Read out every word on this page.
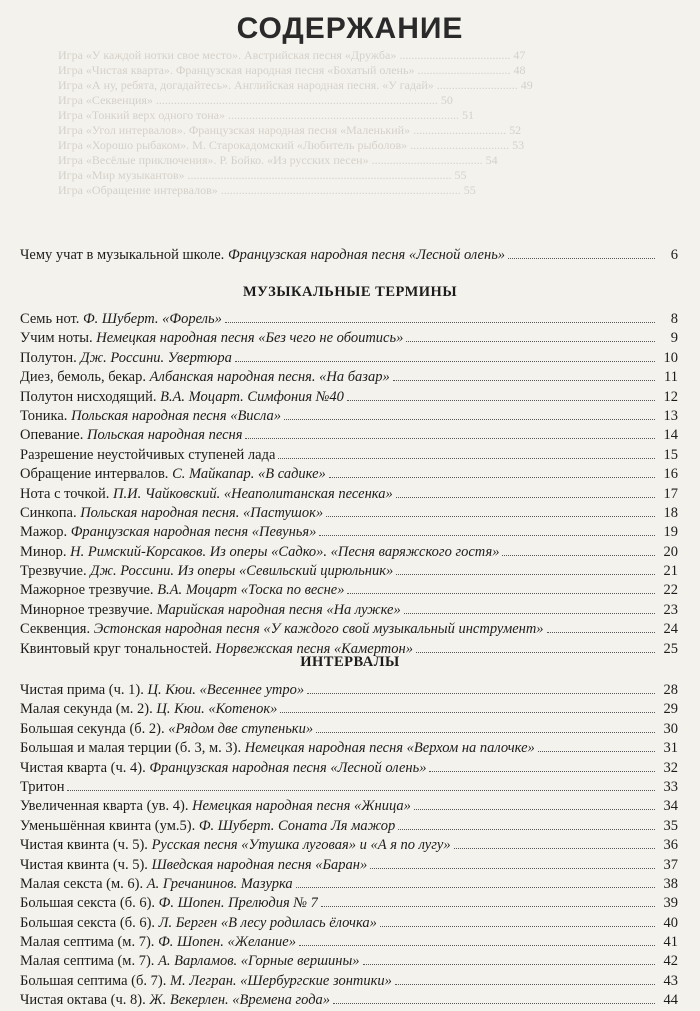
СОДЕРЖАНИЕ
Игра «У каждой нотки свое место». Австрийская песня «Дружба» ..................................... 47
Игра «Чистая кварта». Французская народная песня «Бохатый олень» ............................... 48
Игра «А ну, ребята, догадайтесь». Английская народная песня. «У гадай» ........................... 49
Игра «Секвенция» .............................................................................................. 50
Игра «Тонкий верх одного тона» ............................................................................. 51
Игра «Угол интервалов». Французская народная песня «Маленький» ............................... 52
Игра «Хорошо рыбаком». М. Старокадомский «Любитель рыболов» ................................. 53
Игра «Весёлые приключения». Р. Бойко. «Из русских песен» ..................................... 54
Игра «Мир музыкантов» ........................................................................................ 55
Игра «Обращение интервалов» ................................................................................ 55
Чему учат в музыкальной школе. Французская народная песня «Лесной олень»	6
МУЗЫКАЛЬНЫЕ ТЕРМИНЫ
Семь нот. Ф. Шуберт. «Форель»	8
Учим ноты. Немецкая народная песня «Без чего не обоитись»	9
Полутон. Дж. Россини. Увертюра	10
Диез, бемоль, бекар. Албанская народная песня. «На базар»	11
Полутон нисходящий. В.А. Моцарт. Симфония №40	12
Тоника. Польская народная песня «Висла»	13
Опевание. Польская народная песня	14
Разрешение неустойчивых ступеней лада	15
Обращение интервалов. С. Майкапар. «В садике»	16
Нота с точкой. П.И. Чайковский. «Неаполитанская песенка»	17
Синкопа. Польская народная песня. «Пастушок»	18
Мажор. Французская народная песня «Певунья»	19
Минор. Н. Римский-Корсаков. Из оперы «Садко». «Песня варяжского гостя»	20
Трезвучие. Дж. Россини. Из оперы «Севильский цирюльник»	21
Мажорное трезвучие. В.А. Моцарт «Тоска по весне»	22
Минорное трезвучие. Марийская народная песня «На лужке»	23
Секвенция. Эстонская народная песня «У каждого свой музыкальный инструмент»	24
Квинтовый круг тональностей. Норвежская песня «Камертон»	25
ИНТЕРВАЛЫ
Чистая прима (ч. 1). Ц. Кюи. «Весеннее утро»	28
Малая секунда (м. 2). Ц. Кюи. «Котенок»	29
Большая секунда (б. 2). «Рядом две ступеньки»	30
Большая и малая терции (б. 3, м. 3). Немецкая народная песня «Верхом на палочке»	31
Чистая кварта (ч. 4). Французская народная песня «Лесной олень»	32
Тритон	33
Увеличенная кварта (ув. 4). Немецкая народная песня «Жница»	34
Уменьшённая квинта (ум.5). Ф. Шуберт. Соната Ля мажор	35
Чистая квинта (ч. 5). Русская песня «Утушка луговая» и «А я по лугу»	36
Чистая квинта (ч. 5). Шведская народная песня «Баран»	37
Малая секста (м. 6). А. Гречанинов. Мазурка	38
Большая секста (б. 6). Ф. Шопен. Прелюдия № 7	39
Большая секста (б. 6). Л. Берген «В лесу родилась ёлочка»	40
Малая септима (м. 7). Ф. Шопен. «Желание»	41
Малая септима (м. 7). А. Варламов. «Горные вершины»	42
Большая септима (б. 7). М. Легран. «Шербургские зонтики»	43
Чистая октава (ч. 8). Ж. Векерлен. «Времена года»	44
